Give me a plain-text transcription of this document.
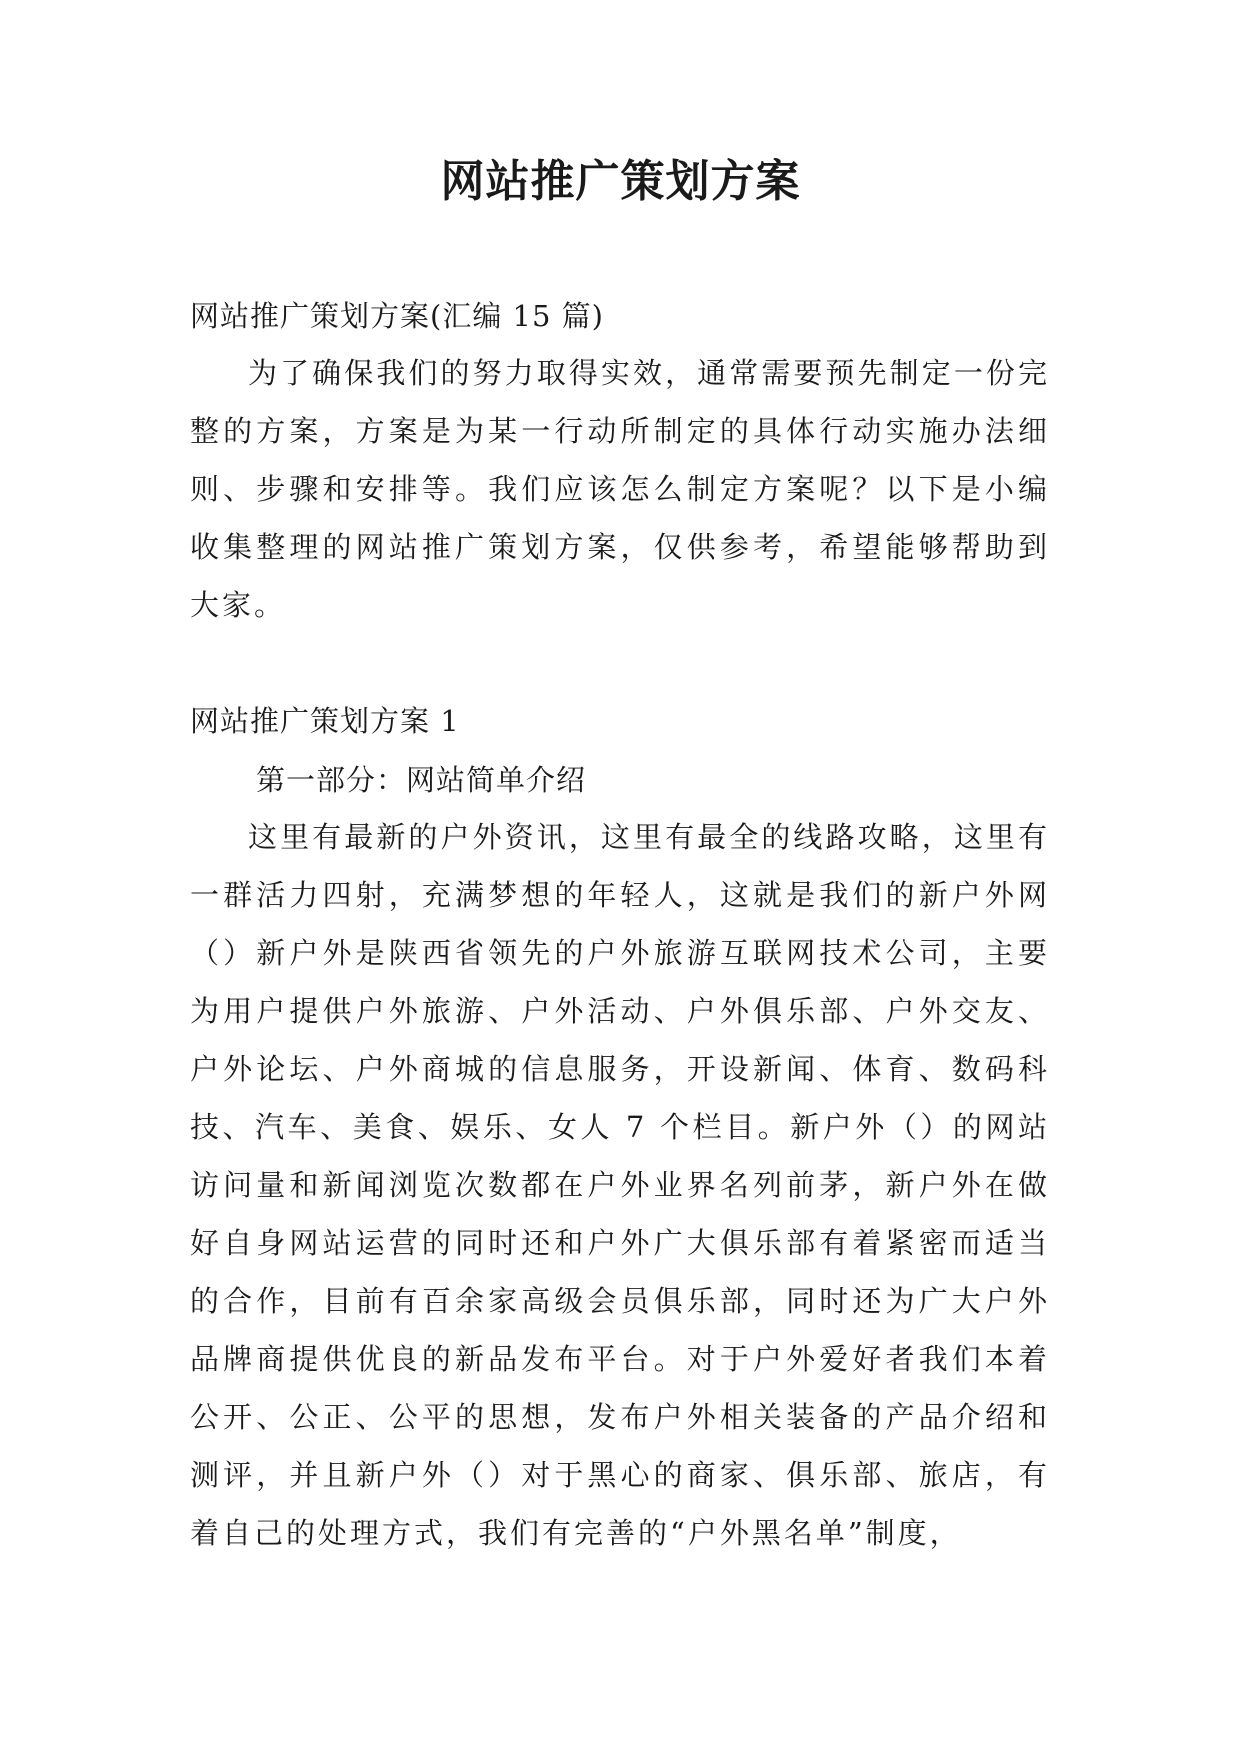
网站推广策划方案

网站推广策划方案(汇编 15 篇)

为了确保我们的努力取得实效，通常需要预先制定一份完整的方案，方案是为某一行动所制定的具体行动实施办法细则、步骤和安排等。我们应该怎么制定方案呢？以下是小编收集整理的网站推广策划方案，仅供参考，希望能够帮助到大家。

网站推广策划方案 1

第一部分：网站简单介绍

这里有最新的户外资讯，这里有最全的线路攻略，这里有一群活力四射，充满梦想的年轻人，这就是我们的新户外网（）新户外是陕西省领先的户外旅游互联网技术公司，主要为用户提供户外旅游、户外活动、户外俱乐部、户外交友、户外论坛、户外商城的信息服务，开设新闻、体育、数码科技、汽车、美食、娱乐、女人 7 个栏目。新户外（）的网站访问量和新闻浏览次数都在户外业界名列前茅，新户外在做好自身网站运营的同时还和户外广大俱乐部有着紧密而适当的合作，目前有百余家高级会员俱乐部，同时还为广大户外品牌商提供优良的新品发布平台。对于户外爱好者我们本着公开、公正、公平的思想，发布户外相关装备的产品介绍和测评，并且新户外（）对于黑心的商家、俱乐部、旅店，有着自己的处理方式，我们有完善的“户外黑名单”制度，
